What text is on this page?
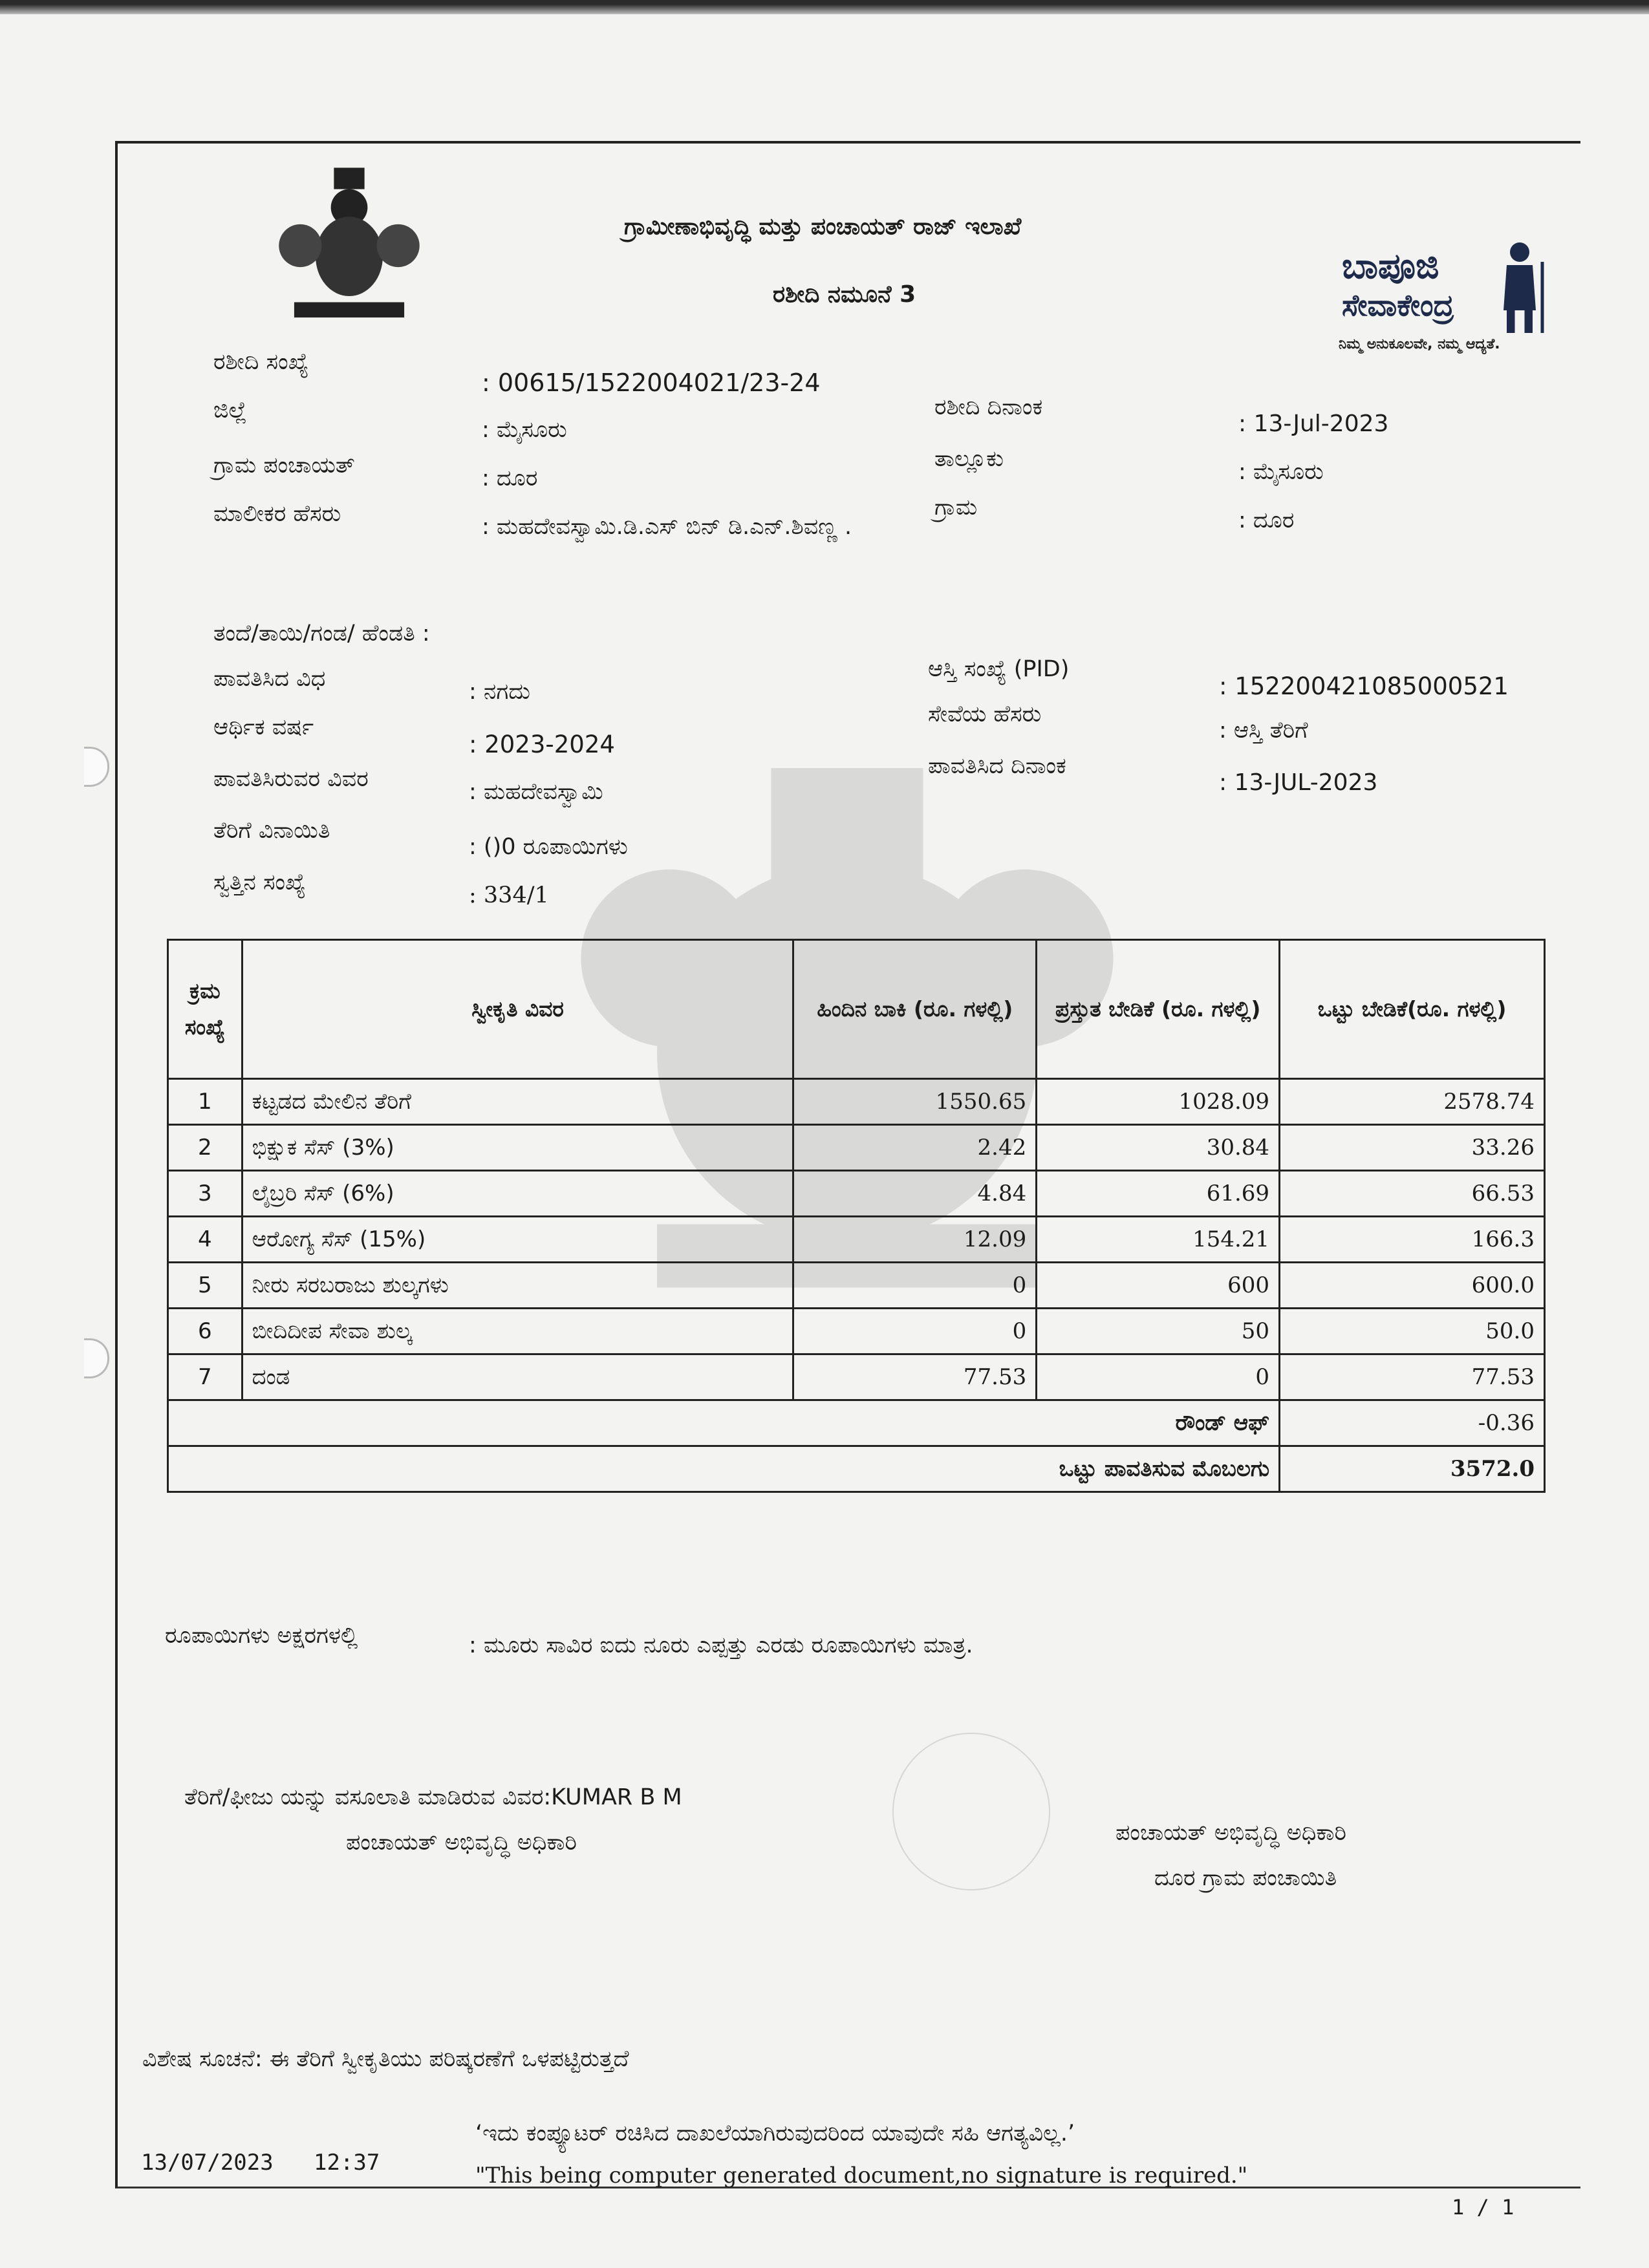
ಗ್ರಾಮೀಣಾಭಿವೃದ್ಧಿ ಮತ್ತು ಪಂಚಾಯತ್ ರಾಜ್ ಇಲಾಖೆ
ರಶೀದಿ ನಮೂನೆ 3
ಬಾಪೂಜಿ
ಸೇವಾಕೇಂದ್ರ
ನಿಮ್ಮ ಅನುಕೂಲವೇ, ನಮ್ಮ ಆದ್ಯತೆ.
ರಶೀದಿ ಸಂಖ್ಯೆ
: 00615/1522004021/23-24
ಜಿಲ್ಲೆ
: ಮೈಸೂರು
ರಶೀದಿ ದಿನಾಂಕ
: 13-Jul-2023
ಗ್ರಾಮ ಪಂಚಾಯತ್	: ದೂರ
ತಾಲ್ಲೂಕು	: ಮೈಸೂರು
ಮಾಲೀಕರ ಹೆಸರು	: ಮಹದೇವಸ್ವಾಮಿ.ಡಿ.ಎಸ್ ಬಿನ್ ಡಿ.ಎನ್.ಶಿವಣ್ಣ .
ಗ್ರಾಮ	: ದೂರ
ತಂದೆ/ತಾಯಿ/ಗಂಡ/ ಹೆಂಡತಿ :
ಪಾವತಿಸಿದ ವಿಧ	: ನಗದು
ಆಸ್ತಿ ಸಂಖ್ಯೆ (PID)
: 152200421085000521
ಆರ್ಥಿಕ ವರ್ಷ
: 2023-2024
ಸೇವೆಯ ಹೆಸರು
: ಆಸ್ತಿ ತೆರಿಗೆ
ಪಾವತಿಸಿರುವರ ವಿವರ	: ಮಹದೇವಸ್ವಾಮಿ
ಪಾವತಿಸಿದ ದಿನಾಂಕ
: 13-JUL-2023
ತೆರಿಗೆ ವಿನಾಯಿತಿ
: ()0 ರೂಪಾಯಿಗಳು
ಸ್ವತ್ತಿನ ಸಂಖ್ಯೆ	: 334/1
ಕ್ರಮ ಸಂಖ್ಯೆ	ಸ್ವೀಕೃತಿ ವಿವರ	ಹಿಂದಿನ ಬಾಕಿ (ರೂ. ಗಳಲ್ಲಿ)	ಪ್ರಸ್ತುತ ಬೇಡಿಕೆ (ರೂ. ಗಳಲ್ಲಿ)	ಒಟ್ಟು ಬೇಡಿಕೆ(ರೂ. ಗಳಲ್ಲಿ)
1	ಕಟ್ಟಡದ ಮೇಲಿನ ತೆರಿಗೆ	1550.65	1028.09	2578.74
2	ಭಿಕ್ಷುಕ ಸೆಸ್ (3%)	2.42	30.84	33.26
3	ಲೈಬ್ರರಿ ಸೆಸ್ (6%)	4.84	61.69	66.53
4	ಆರೋಗ್ಯ ಸೆಸ್ (15%)	12.09	154.21	166.3
5	ನೀರು ಸರಬರಾಜು ಶುಲ್ಕಗಳು	0	600	600.0
6	ಬೀದಿದೀಪ ಸೇವಾ ಶುಲ್ಕ	0	50	50.0
7	ದಂಡ	77.53	0	77.53
ರೌಂಡ್ ಆಫ್				-0.36
ಒಟ್ಟು ಪಾವತಿಸುವ ಮೊಬಲಗು				3572.0
ರೂಪಾಯಿಗಳು ಅಕ್ಷರಗಳಲ್ಲಿ	: ಮೂರು ಸಾವಿರ ಐದು ನೂರು ಎಪ್ಪತ್ತು ಎರಡು ರೂಪಾಯಿಗಳು ಮಾತ್ರ.
ತೆರಿಗೆ/ಫೀಜು ಯನ್ನು ವಸೂಲಾತಿ ಮಾಡಿರುವ ವಿವರ:KUMAR B M
ಪಂಚಾಯತ್ ಅಭಿವೃದ್ಧಿ ಅಧಿಕಾರಿ	ಪಂಚಾಯತ್ ಅಭಿವೃದ್ಧಿ ಅಧಿಕಾರಿ
ದೂರ ಗ್ರಾಮ ಪಂಚಾಯಿತಿ
ವಿಶೇಷ ಸೂಚನೆ: ಈ ತೆರಿಗೆ ಸ್ವೀಕೃತಿಯು ಪರಿಷ್ಕರಣೆಗೆ ಒಳಪಟ್ಟಿರುತ್ತದೆ
‘ಇದು ಕಂಪ್ಯೂಟರ್ ರಚಿಸಿದ ದಾಖಲೆಯಾಗಿರುವುದರಿಂದ ಯಾವುದೇ ಸಹಿ ಆಗತ್ಯವಿಲ್ಲ.’
"This being computer generated document,no signature is required."
13/07/2023 12:37
1 / 1
